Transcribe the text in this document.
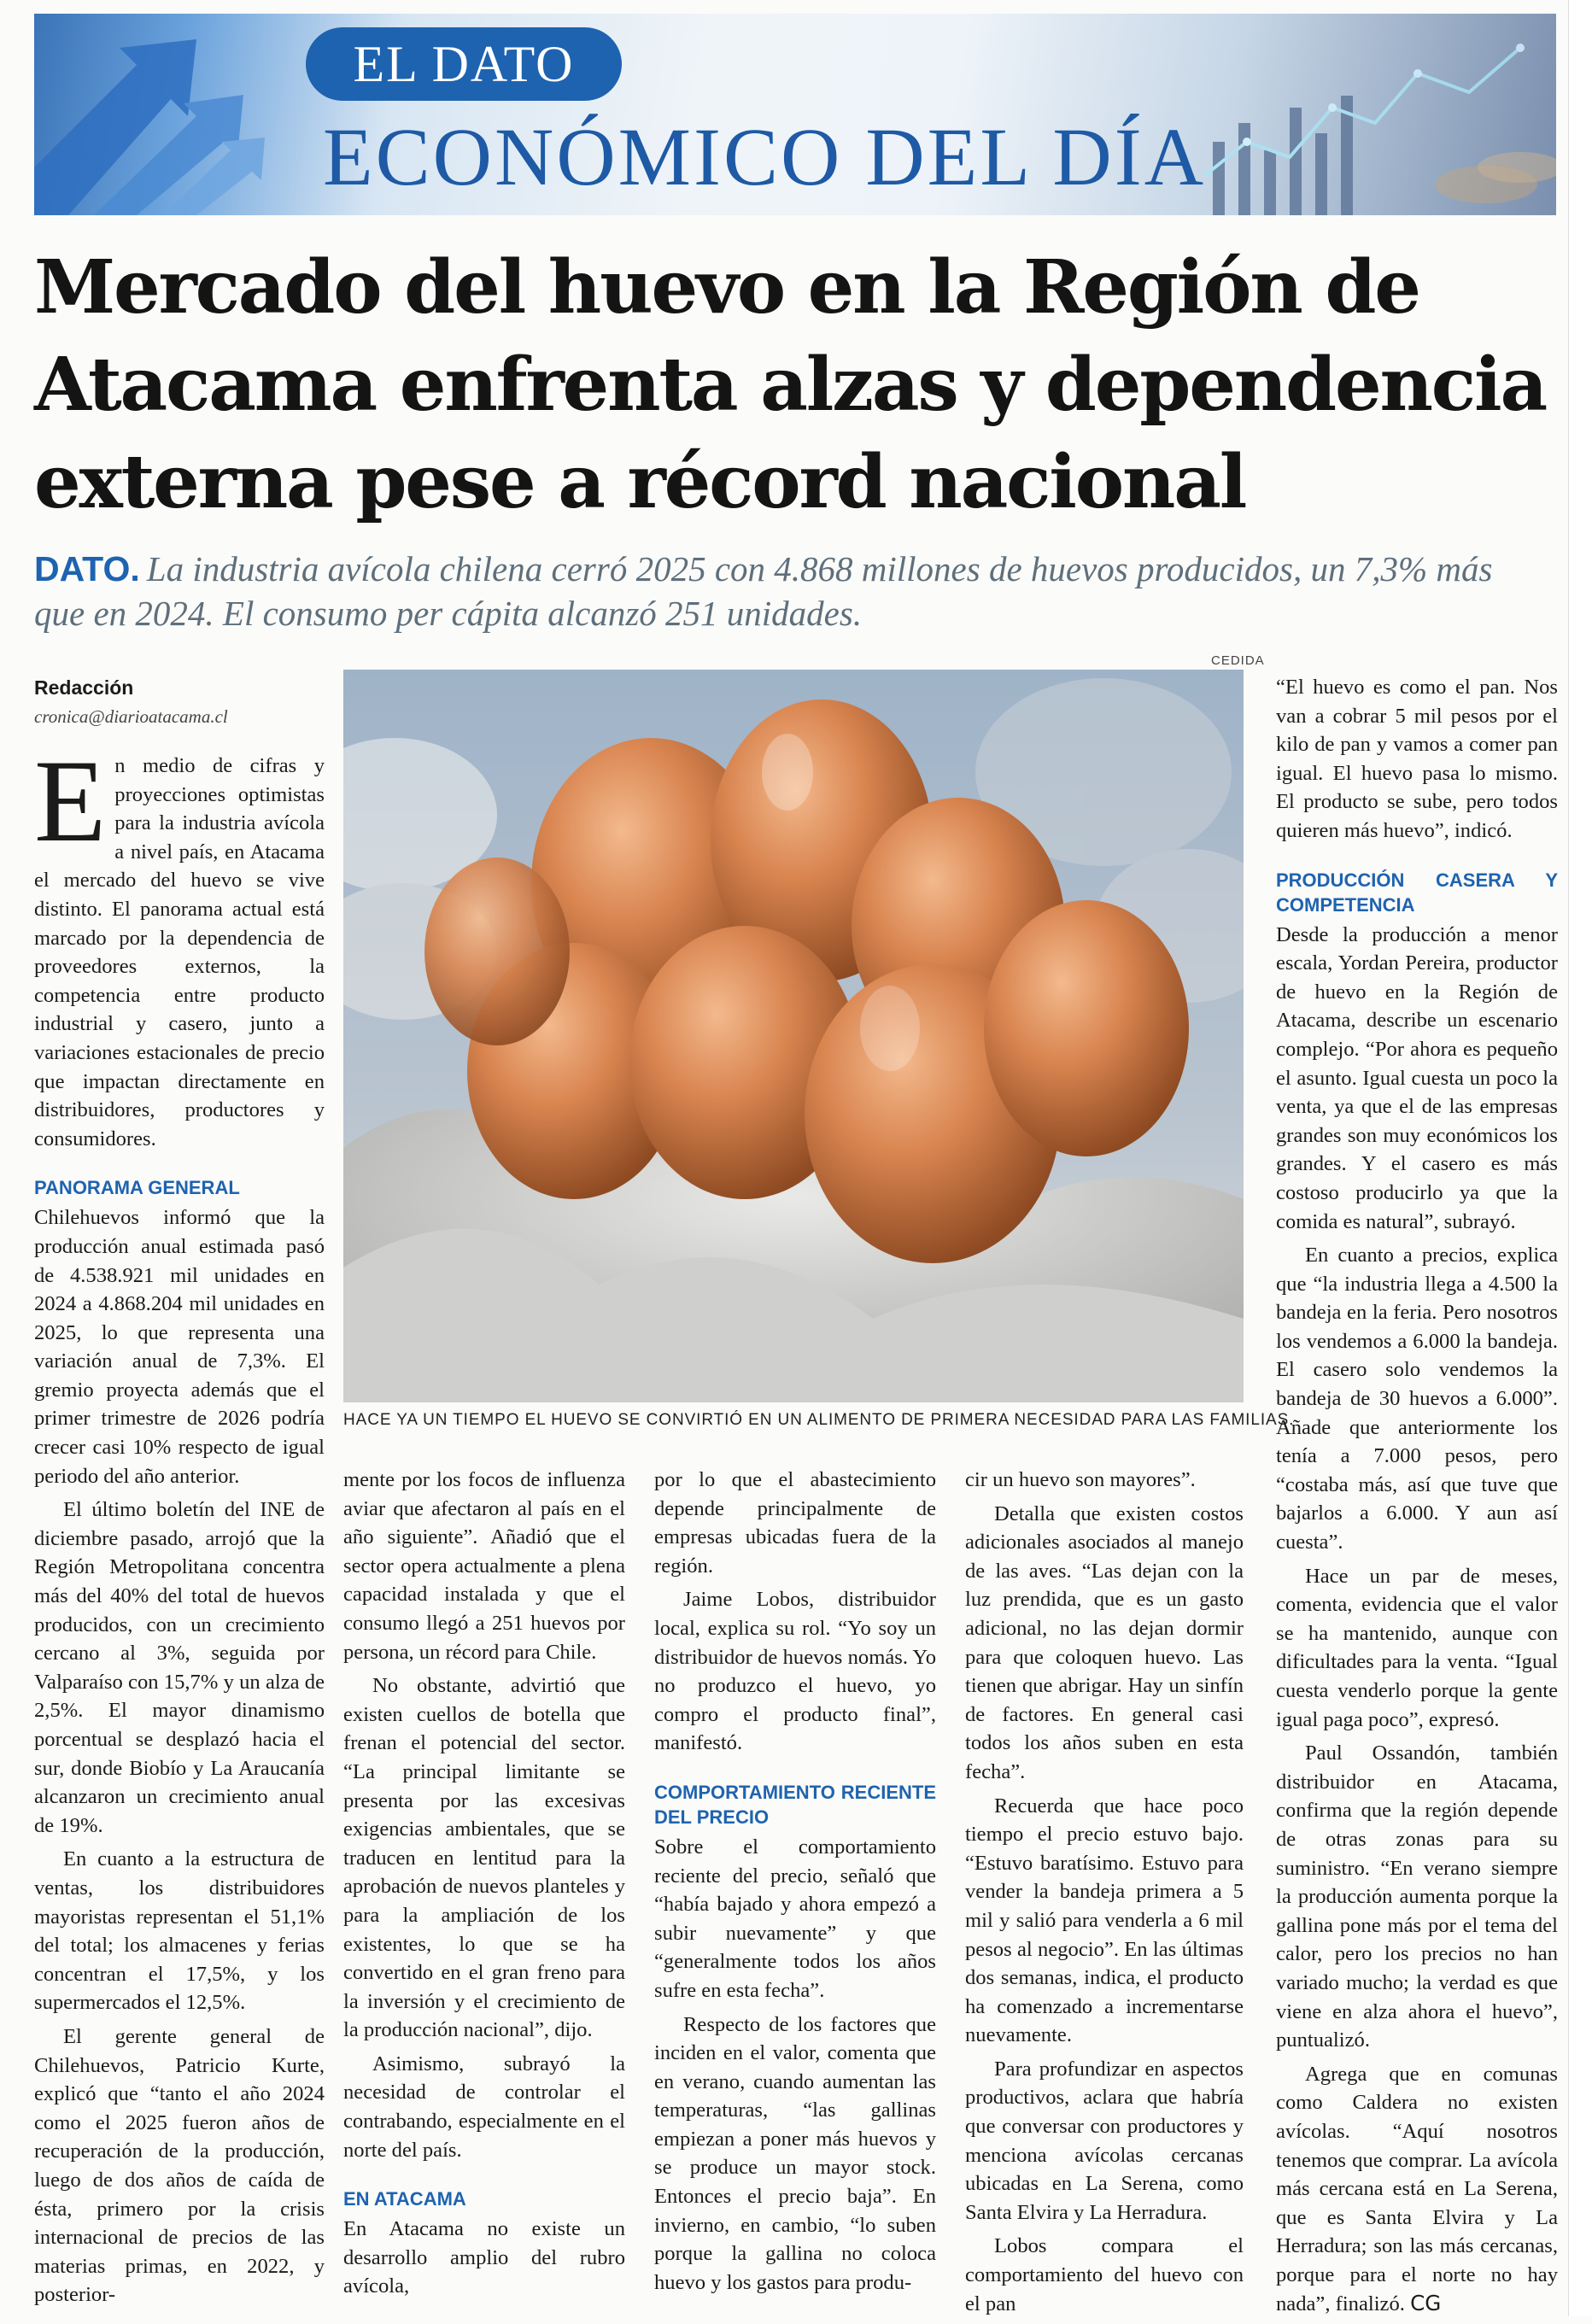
EL DATO
ECONÓMICO DEL DÍA
Mercado del huevo en la Región de Atacama enfrenta alzas y dependencia externa pese a récord nacional
DATO. La industria avícola chilena cerró 2025 con 4.868 millones de huevos producidos, un 7,3% más que en 2024. El consumo per cápita alcanzó 251 unidades.
Redacción
cronica@diarioatacama.cl
CEDIDA
HACE YA UN TIEMPO EL HUEVO SE CONVIRTIÓ EN UN ALIMENTO DE PRIMERA NECESIDAD PARA LAS FAMILIAS.

En medio de cifras y proyecciones optimistas para la industria avícola a nivel país, en Atacama el mercado del huevo se vive distinto. El panorama actual está marcado por la dependencia de proveedores externos, la competencia entre producto industrial y casero, junto a variaciones estacionales de precio que impactan directamente en distribuidores, productores y consumidores.

PANORAMA GENERAL

Chilehuevos informó que la producción anual estimada pasó de 4.538.921 mil unidades en 2024 a 4.868.204 mil unidades en 2025, lo que representa una variación anual de 7,3%. El gremio proyecta además que el primer trimestre de 2026 podría crecer casi 10% respecto de igual periodo del año anterior.

El último boletín del INE de diciembre pasado, arrojó que la Región Metropolitana concentra más del 40% del total de huevos producidos, con un crecimiento cercano al 3%, seguida por Valparaíso con 15,7% y un alza de 2,5%. El mayor dinamismo porcentual se desplazó hacia el sur, donde Biobío y La Araucanía alcanzaron un crecimiento anual de 19%.

En cuanto a la estructura de ventas, los distribuidores mayoristas representan el 51,1% del total; los almacenes y ferias concentran el 17,5%, y los supermercados el 12,5%.

El gerente general de Chilehuevos, Patricio Kurte, explicó que “tanto el año 2024 como el 2025 fueron años de recuperación de la producción, luego de dos años de caída de ésta, primero por la crisis internacional de precios de las materias primas, en 2022, y posterior-

mente por los focos de influenza aviar que afectaron al país en el año siguiente”. Añadió que el sector opera actualmente a plena capacidad instalada y que el consumo llegó a 251 huevos por persona, un récord para Chile.

No obstante, advirtió que existen cuellos de botella que frenan el potencial del sector. “La principal limitante se presenta por las excesivas exigencias ambientales, que se traducen en lentitud para la aprobación de nuevos planteles y para la ampliación de los existentes, lo que se ha convertido en el gran freno para la inversión y el crecimiento de la producción nacional”, dijo.

Asimismo, subrayó la necesidad de controlar el contrabando, especialmente en el norte del país.

EN ATACAMA

En Atacama no existe un desarrollo amplio del rubro avícola,

por lo que el abastecimiento depende principalmente de empresas ubicadas fuera de la región.

Jaime Lobos, distribuidor local, explica su rol. “Yo soy un distribuidor de huevos nomás. Yo no produzco el huevo, yo compro el producto final”, manifestó.

COMPORTAMIENTO RECIENTE DEL PRECIO

Sobre el comportamiento reciente del precio, señaló que “había bajado y ahora empezó a subir nuevamente” y que “generalmente todos los años sufre en esta fecha”.

Respecto de los factores que inciden en el valor, comenta que en verano, cuando aumentan las temperaturas, “las gallinas empiezan a poner más huevos y se produce un mayor stock. Entonces el precio baja”. En invierno, en cambio, “lo suben porque la gallina no coloca huevo y los gastos para produ-

cir un huevo son mayores”.

Detalla que existen costos adicionales asociados al manejo de las aves. “Las dejan con la luz prendida, que es un gasto adicional, no las dejan dormir para que coloquen huevo. Las tienen que abrigar. Hay un sinfín de factores. En general casi todos los años suben en esta fecha”.

Recuerda que hace poco tiempo el precio estuvo bajo. “Estuvo baratísimo. Estuvo para vender la bandeja primera a 5 mil y salió para venderla a 6 mil pesos al negocio”. En las últimas dos semanas, indica, el producto ha comenzado a incrementarse nuevamente.

Para profundizar en aspectos productivos, aclara que habría que conversar con productores y menciona avícolas cercanas ubicadas en La Serena, como Santa Elvira y La Herradura.

Lobos compara el comportamiento del huevo con el pan

“El huevo es como el pan. Nos van a cobrar 5 mil pesos por el kilo de pan y vamos a comer pan igual. El huevo pasa lo mismo. El producto se sube, pero todos quieren más huevo”, indicó.

PRODUCCIÓN CASERA Y COMPETENCIA

Desde la producción a menor escala, Yordan Pereira, productor de huevo en la Región de Atacama, describe un escenario complejo. “Por ahora es pequeño el asunto. Igual cuesta un poco la venta, ya que el de las empresas grandes son muy económicos los grandes. Y el casero es más costoso producirlo ya que la comida es natural”, subrayó.

En cuanto a precios, explica que “la industria llega a 4.500 la bandeja en la feria. Pero nosotros los vendemos a 6.000 la bandeja. El casero solo vendemos la bandeja de 30 huevos a 6.000”. Añade que anteriormente los tenía a 7.000 pesos, pero “costaba más, así que tuve que bajarlos a 6.000. Y aun así cuesta”.

Hace un par de meses, comenta, evidencia que el valor se ha mantenido, aunque con dificultades para la venta. “Igual cuesta venderlo porque la gente igual paga poco”, expresó.

Paul Ossandón, también distribuidor en Atacama, confirma que la región depende de otras zonas para su suministro. “En verano siempre la producción aumenta porque la gallina pone más por el tema del calor, pero los precios no han variado mucho; la verdad es que viene en alza ahora el huevo”, puntualizó.

Agrega que en comunas como Caldera no existen avícolas. “Aquí nosotros tenemos que comprar. La avícola más cercana está en La Serena, que es Santa Elvira y La Herradura; son las más cercanas, porque para el norte no hay nada”, finalizó. CG
